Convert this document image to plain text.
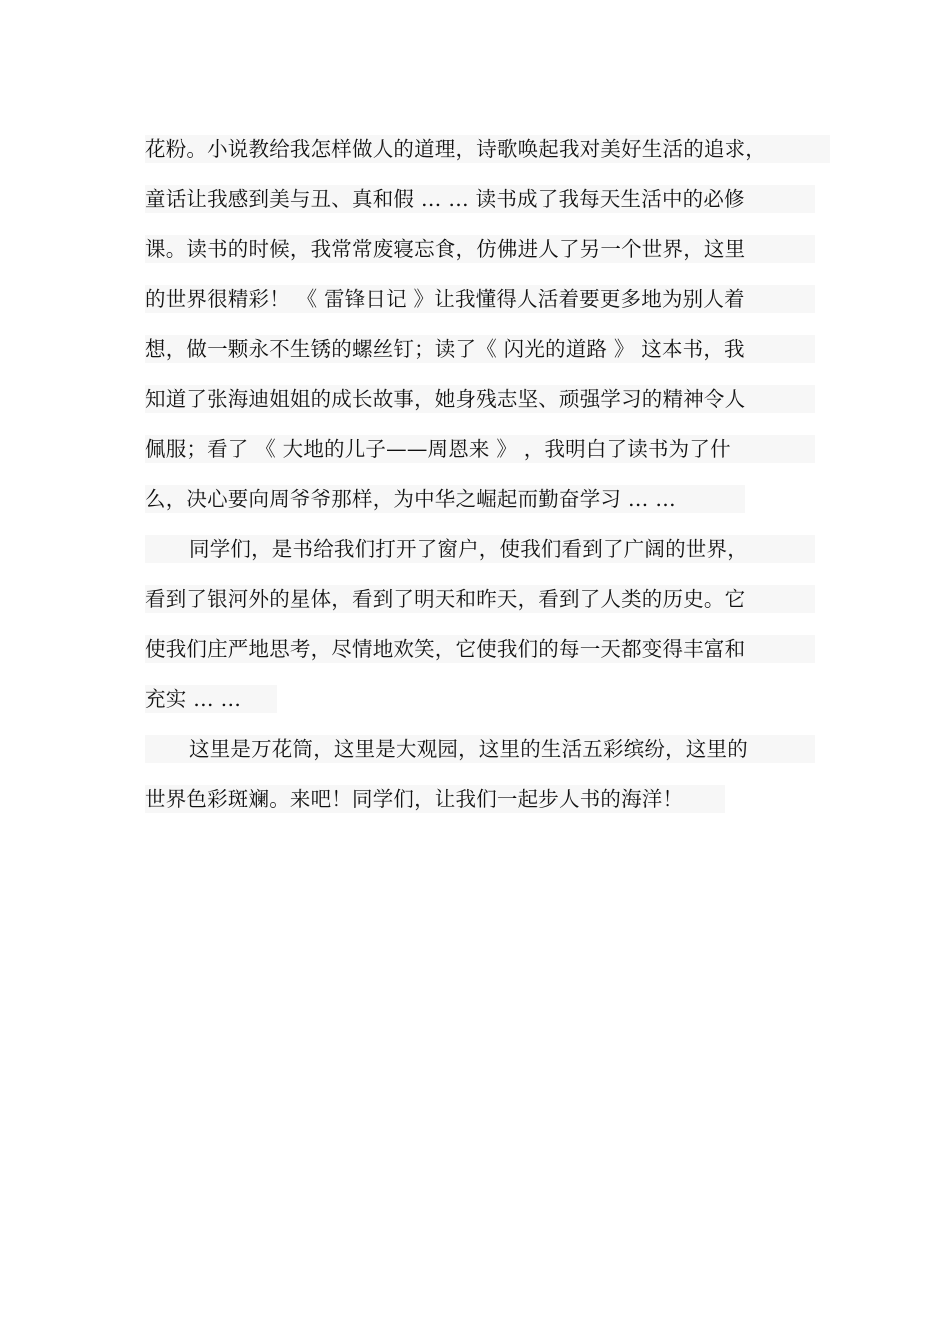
花粉。小说教给我怎样做人的道理，诗歌唤起我对美好生活的追求，
童话让我感到美与丑、真和假 … … 读书成了我每天生活中的必修
课。读书的时候，我常常废寝忘食，仿佛进人了另一个世界，这里
的世界很精彩！ 《 雷锋日记 》让我懂得人活着要更多地为别人着
想，做一颗永不生锈的螺丝钉；读了《 闪光的道路 》 这本书，我
知道了张海迪姐姐的成长故事，她身残志坚、顽强学习的精神令人
佩服；看了 《 大地的儿子——周恩来 》 ，我明白了读书为了什
么，决心要向周爷爷那样，为中华之崛起而勤奋学习 … …
同学们，是书给我们打开了窗户，使我们看到了广阔的世界，
看到了银河外的星体，看到了明天和昨天，看到了人类的历史。它
使我们庄严地思考，尽情地欢笑，它使我们的每一天都变得丰富和
充实 … …
这里是万花筒，这里是大观园，这里的生活五彩缤纷，这里的
世界色彩斑斓。来吧！同学们，让我们一起步人书的海洋！
